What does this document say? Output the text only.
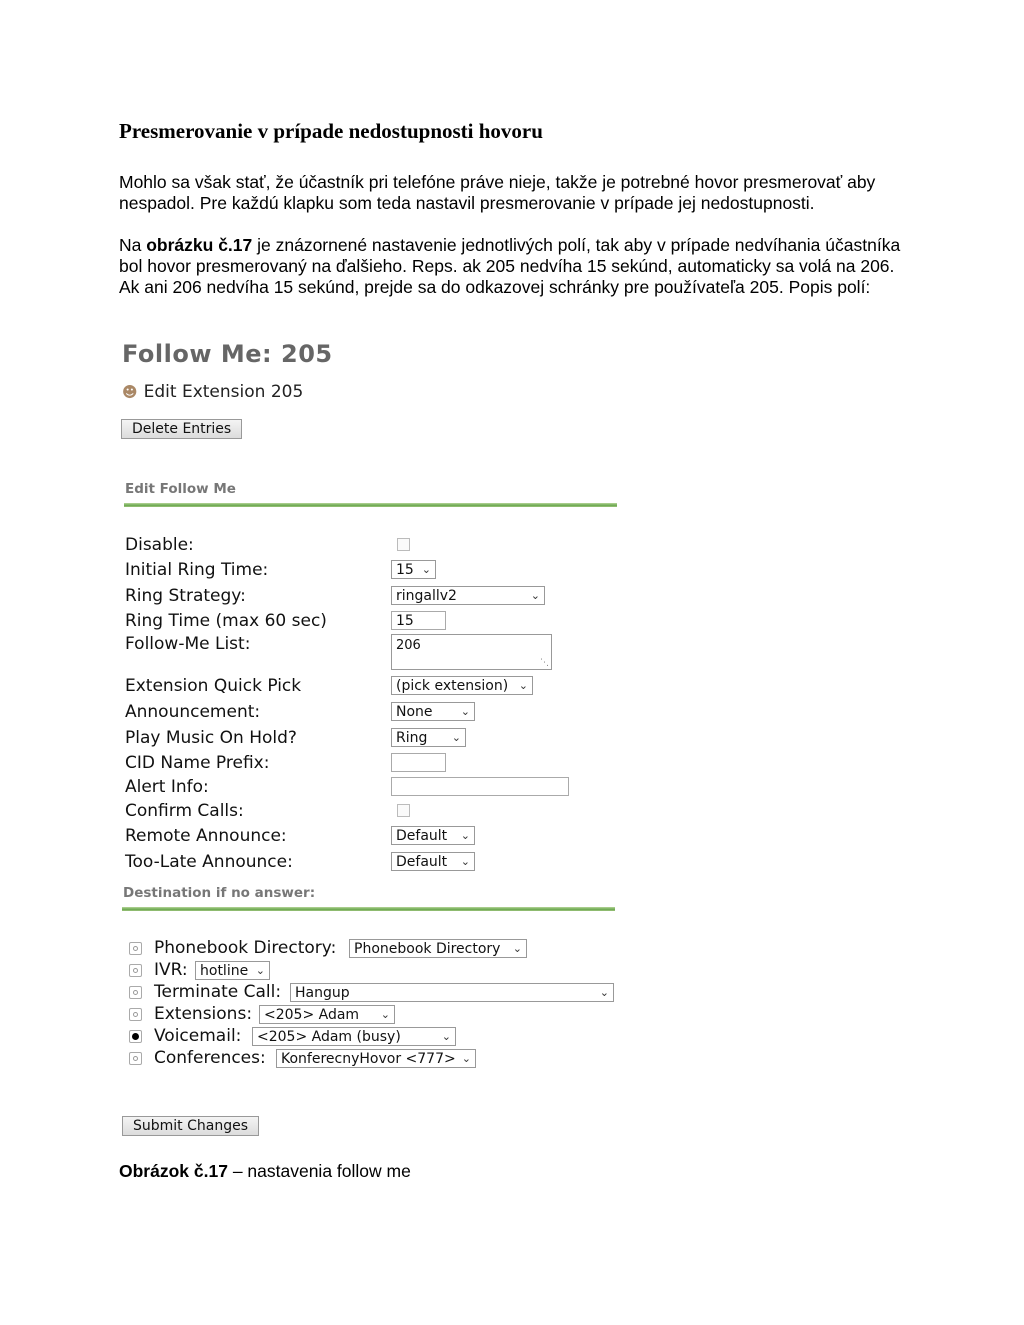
Presmerovanie v prípade nedostupnosti hovoru

Mohlo sa však stať, že účastník pri telefóne práve nieje, takže je potrebné hovor presmerovať aby nespadol. Pre každú klapku som teda nastavil presmerovanie v prípade jej nedostupnosti.

Na obrázku č.17 je znázornené nastavenie jednotlivých polí, tak aby v prípade nedvíhania účastníka bol hovor presmerovaný na ďalšieho. Reps. ak 205 nedvíha 15 sekúnd, automaticky sa volá na 206. Ak ani 206 nedvíha 15 sekúnd, prejde sa do odkazovej schránky pre používateľa 205. Popis polí:

Follow Me: 205
☻ Edit Extension 205
Delete Entries
Edit Follow Me
Disable:
Initial Ring Time:	15 ⌄
Ring Strategy:	ringallv2	⌄
Ring Time (max 60 sec)	15
Follow-Me List:	206
⋱
Extension Quick Pick	(pick extension) ⌄
Announcement:	None	⌄
Play Music On Hold?	Ring ⌄
CID Name Prefix:
Alert Info:
Confirm Calls:
Remote Announce:	Default ⌄
Too-Late Announce:	Default ⌄
Destination if no answer:
Phonebook Directory: Phonebook Directory ⌄
IVR: hotline ⌄
Terminate Call: Hangup	⌄
Extensions: <205> Adam ⌄
Voicemail: <205> Adam (busy)	⌄
Conferences: KonferecnyHovor <777> ⌄
Submit Changes
Obrázok č.17 – nastavenia follow me
